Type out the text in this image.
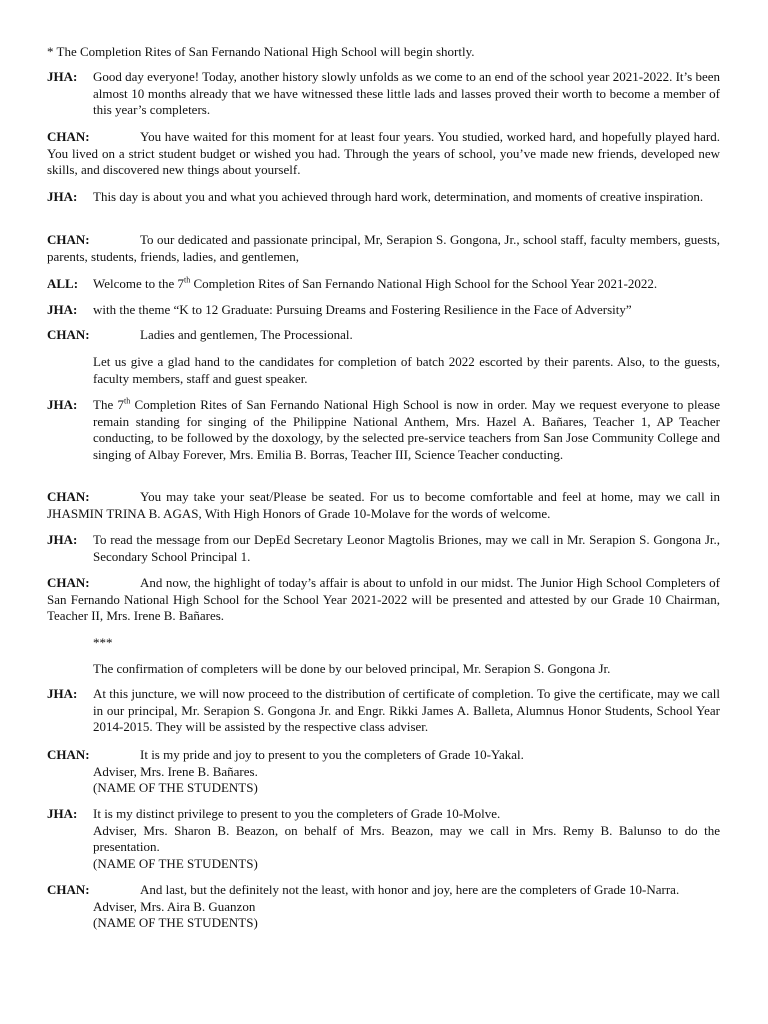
* The Completion Rites of San Fernando National High School will begin shortly.
JHA: Good day everyone! Today, another history slowly unfolds as we come to an end of the school year 2021-2022. It’s been almost 10 months already that we have witnessed these little lads and lasses proved their worth to become a member of this year’s completers.
CHAN:	You have waited for this moment for at least four years. You studied, worked hard, and hopefully played hard. You lived on a strict student budget or wished you had. Through the years of school, you’ve made new friends, developed new skills, and discovered new things about yourself.
JHA: This day is about you and what you achieved through hard work, determination, and moments of creative inspiration.
CHAN:	To our dedicated and passionate principal, Mr, Serapion S. Gongona, Jr., school staff, faculty members, guests, parents, students, friends, ladies, and gentlemen,
ALL: Welcome to the 7th Completion Rites of San Fernando National High School for the School Year 2021-2022.
JHA: with the theme “K to 12 Graduate: Pursuing Dreams and Fostering Resilience in the Face of Adversity”
CHAN:	Ladies and gentlemen, The Processional.
Let us give a glad hand to the candidates for completion of batch 2022 escorted by their parents. Also, to the guests, faculty members, staff and guest speaker.
JHA: The 7th Completion Rites of San Fernando National High School is now in order. May we request everyone to please remain standing for singing of the Philippine National Anthem, Mrs. Hazel A. Bañares, Teacher 1, AP Teacher conducting, to be followed by the doxology, by the selected pre-service teachers from San Jose Community College and singing of Albay Forever, Mrs. Emilia B. Borras, Teacher III, Science Teacher conducting.
CHAN:	You may take your seat/Please be seated. For us to become comfortable and feel at home, may we call in JHASMIN TRINA B. AGAS, With High Honors of Grade 10-Molave for the words of welcome.
JHA: To read the message from our DepEd Secretary Leonor Magtolis Briones, may we call in Mr. Serapion S. Gongona Jr., Secondary School Principal 1.
CHAN:	And now, the highlight of today’s affair is about to unfold in our midst. The Junior High School Completers of San Fernando National High School for the School Year 2021-2022 will be presented and attested by our Grade 10 Chairman, Teacher II, Mrs. Irene B. Bañares.
***
The confirmation of completers will be done by our beloved principal, Mr. Serapion S. Gongona Jr.
JHA: At this juncture, we will now proceed to the distribution of certificate of completion. To give the certificate, may we call in our principal, Mr. Serapion S. Gongona Jr. and Engr. Rikki James A. Balleta, Alumnus Honor Students, School Year 2014-2015. They will be assisted by the respective class adviser.
CHAN:	It is my pride and joy to present to you the completers of Grade 10-Yakal.
Adviser, Mrs. Irene B. Bañares.
(NAME OF THE STUDENTS)
JHA: It is my distinct privilege to present to you the completers of Grade 10-Molve.
Adviser, Mrs. Sharon B. Beazon, on behalf of Mrs. Beazon, may we call in Mrs. Remy B. Balunso to do the presentation.
(NAME OF THE STUDENTS)
CHAN:	And last, but the definitely not the least, with honor and joy, here are the completers of Grade 10-Narra.
Adviser, Mrs. Aira B. Guanzon
(NAME OF THE STUDENTS)
